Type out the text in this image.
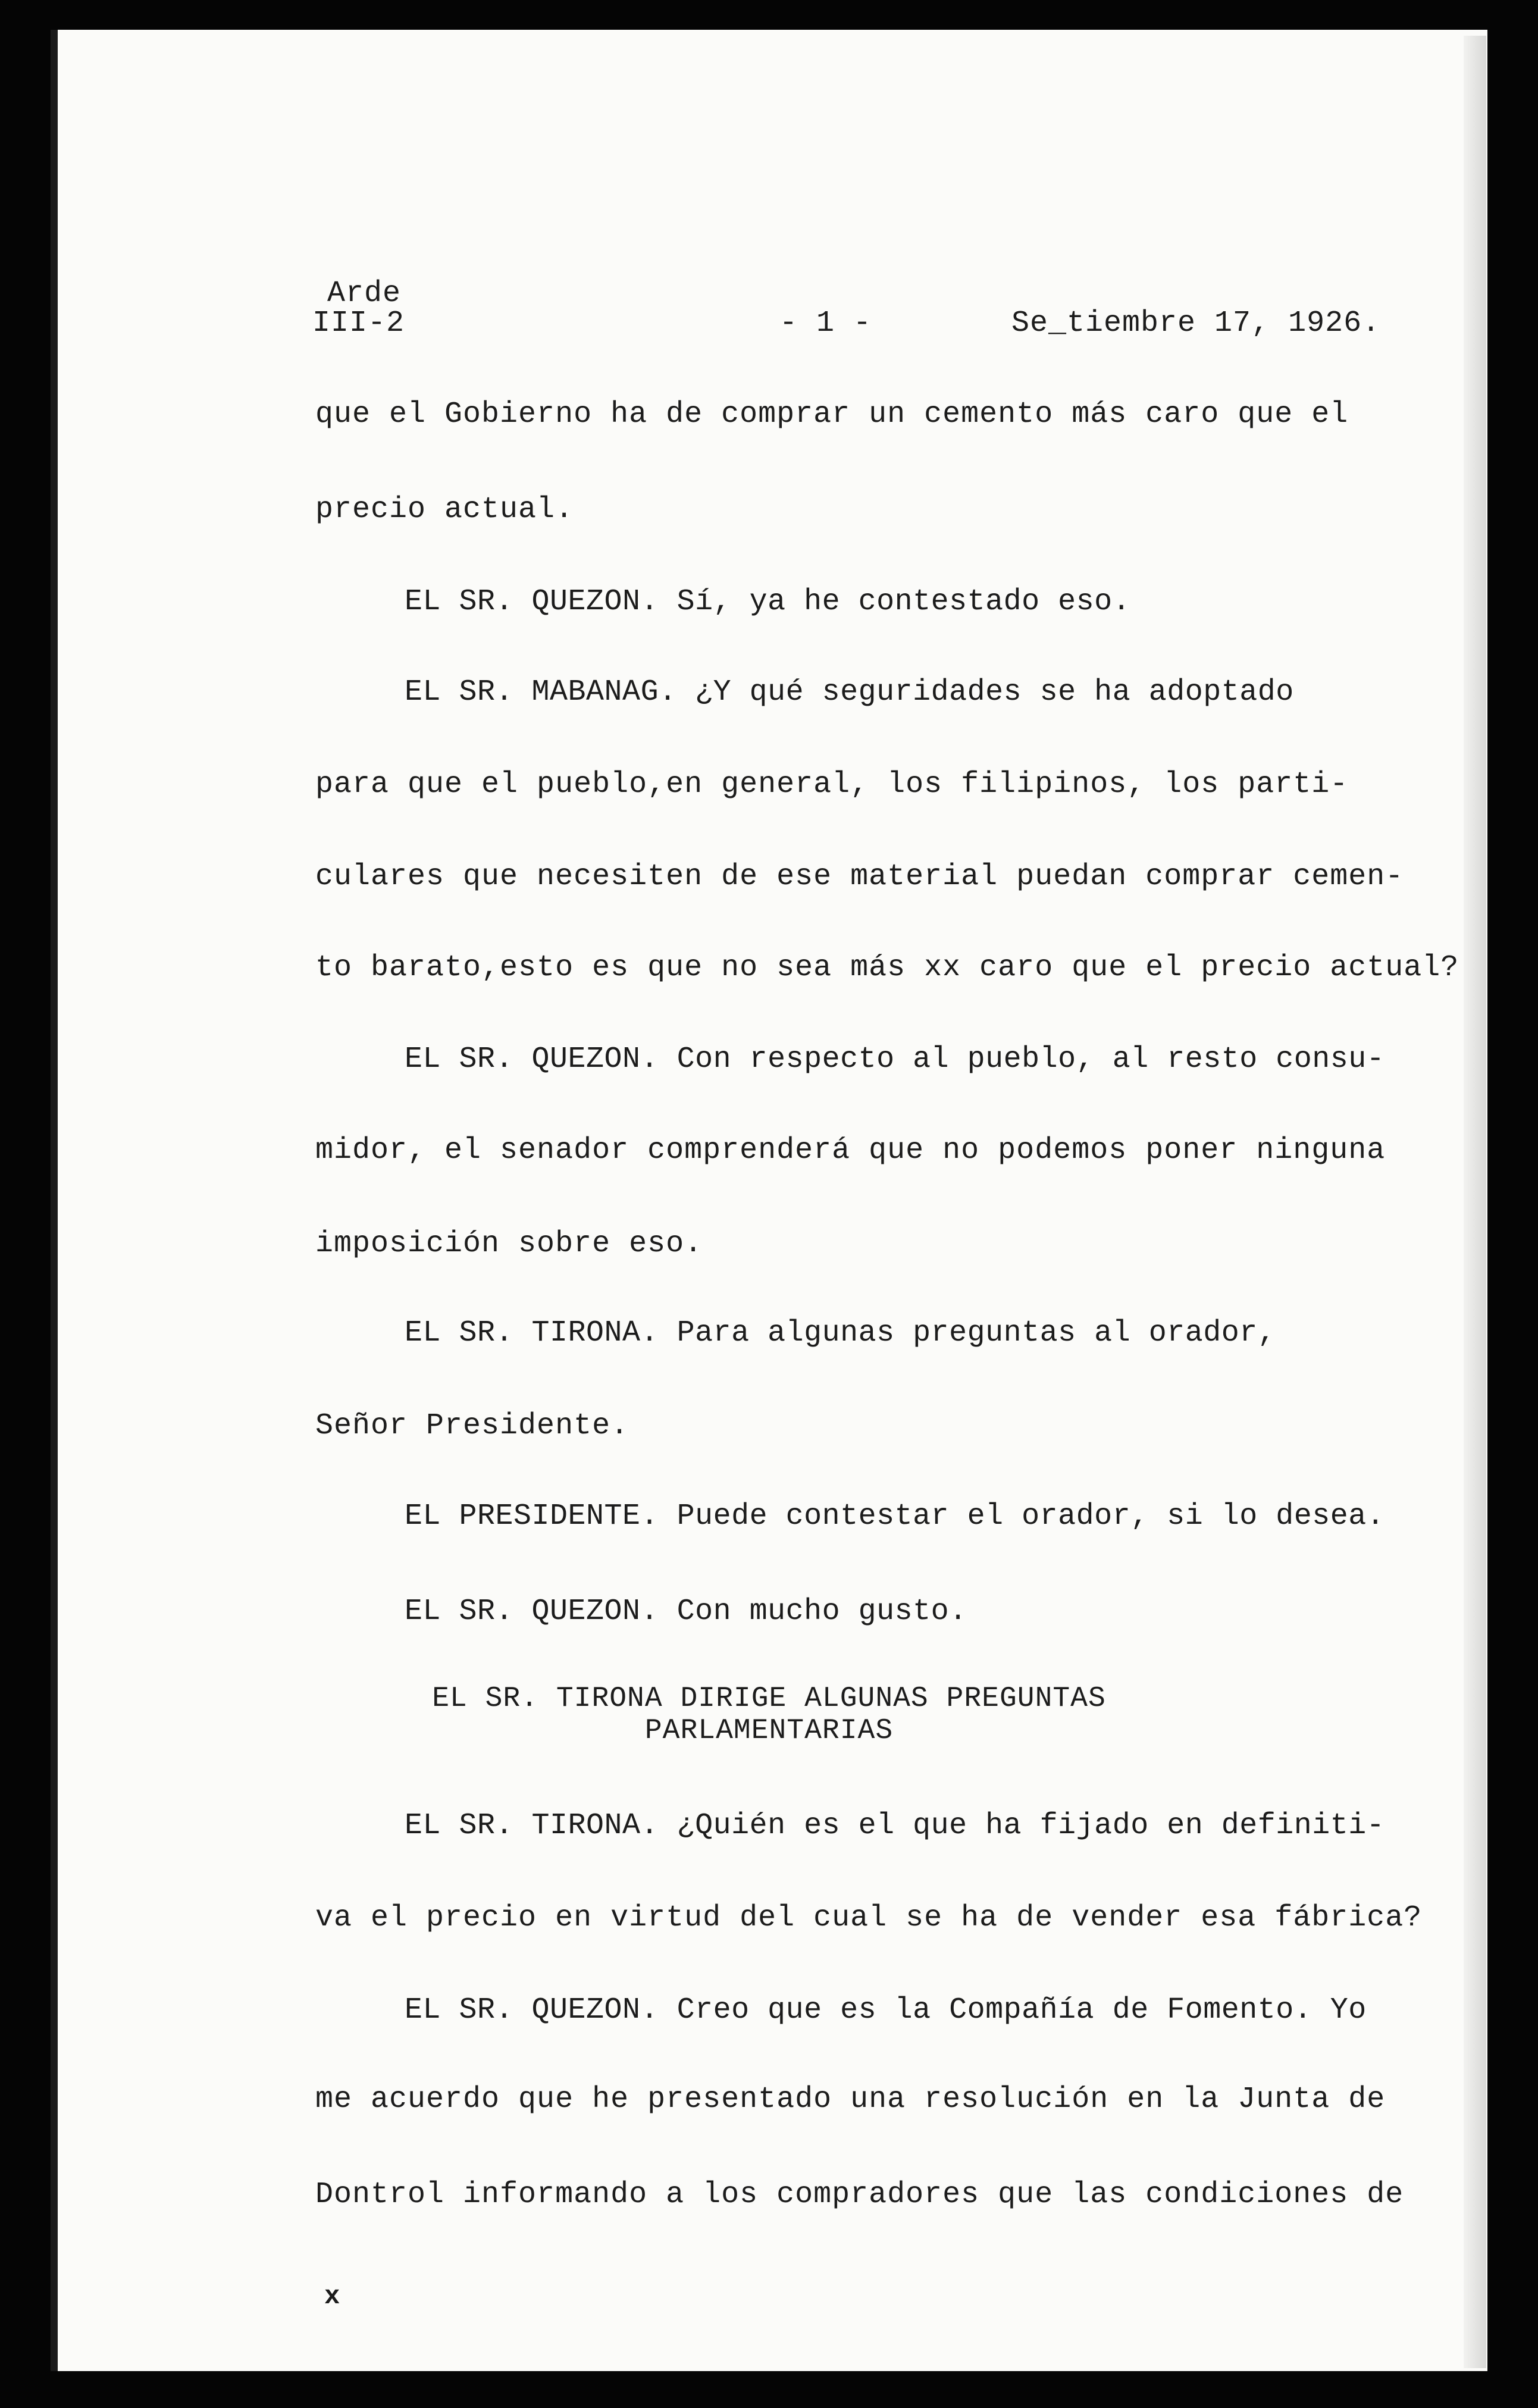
Arde
III-2	- 1 -	Se_tiembre 17, 1926.
que el Gobierno ha de comprar un cemento más caro que el
precio actual.
EL SR. QUEZON. Sí, ya he contestado eso.
EL SR. MABANAG. ¿Y qué seguridades se ha adoptado
para que el pueblo,en general, los filipinos, los parti-
culares que necesiten de ese material puedan comprar cemen-
to barato,esto es que no sea más xx caro que el precio actual?
EL SR. QUEZON. Con respecto al pueblo, al resto consu-
midor, el senador comprenderá que no podemos poner ninguna
imposición sobre eso.
EL SR. TIRONA. Para algunas preguntas al orador,
Señor Presidente.
EL PRESIDENTE. Puede contestar el orador, si lo desea.
EL SR. QUEZON. Con mucho gusto.
EL SR. TIRONA DIRIGE ALGUNAS PREGUNTAS
PARLAMENTARIAS
EL SR. TIRONA. ¿Quién es el que ha fijado en definiti-
va el precio en virtud del cual se ha de vender esa fábrica?
EL SR. QUEZON. Creo que es la Compañía de Fomento. Yo
me acuerdo que he presentado una resolución en la Junta de
Dontrol informando a los compradores que las condiciones de
x
